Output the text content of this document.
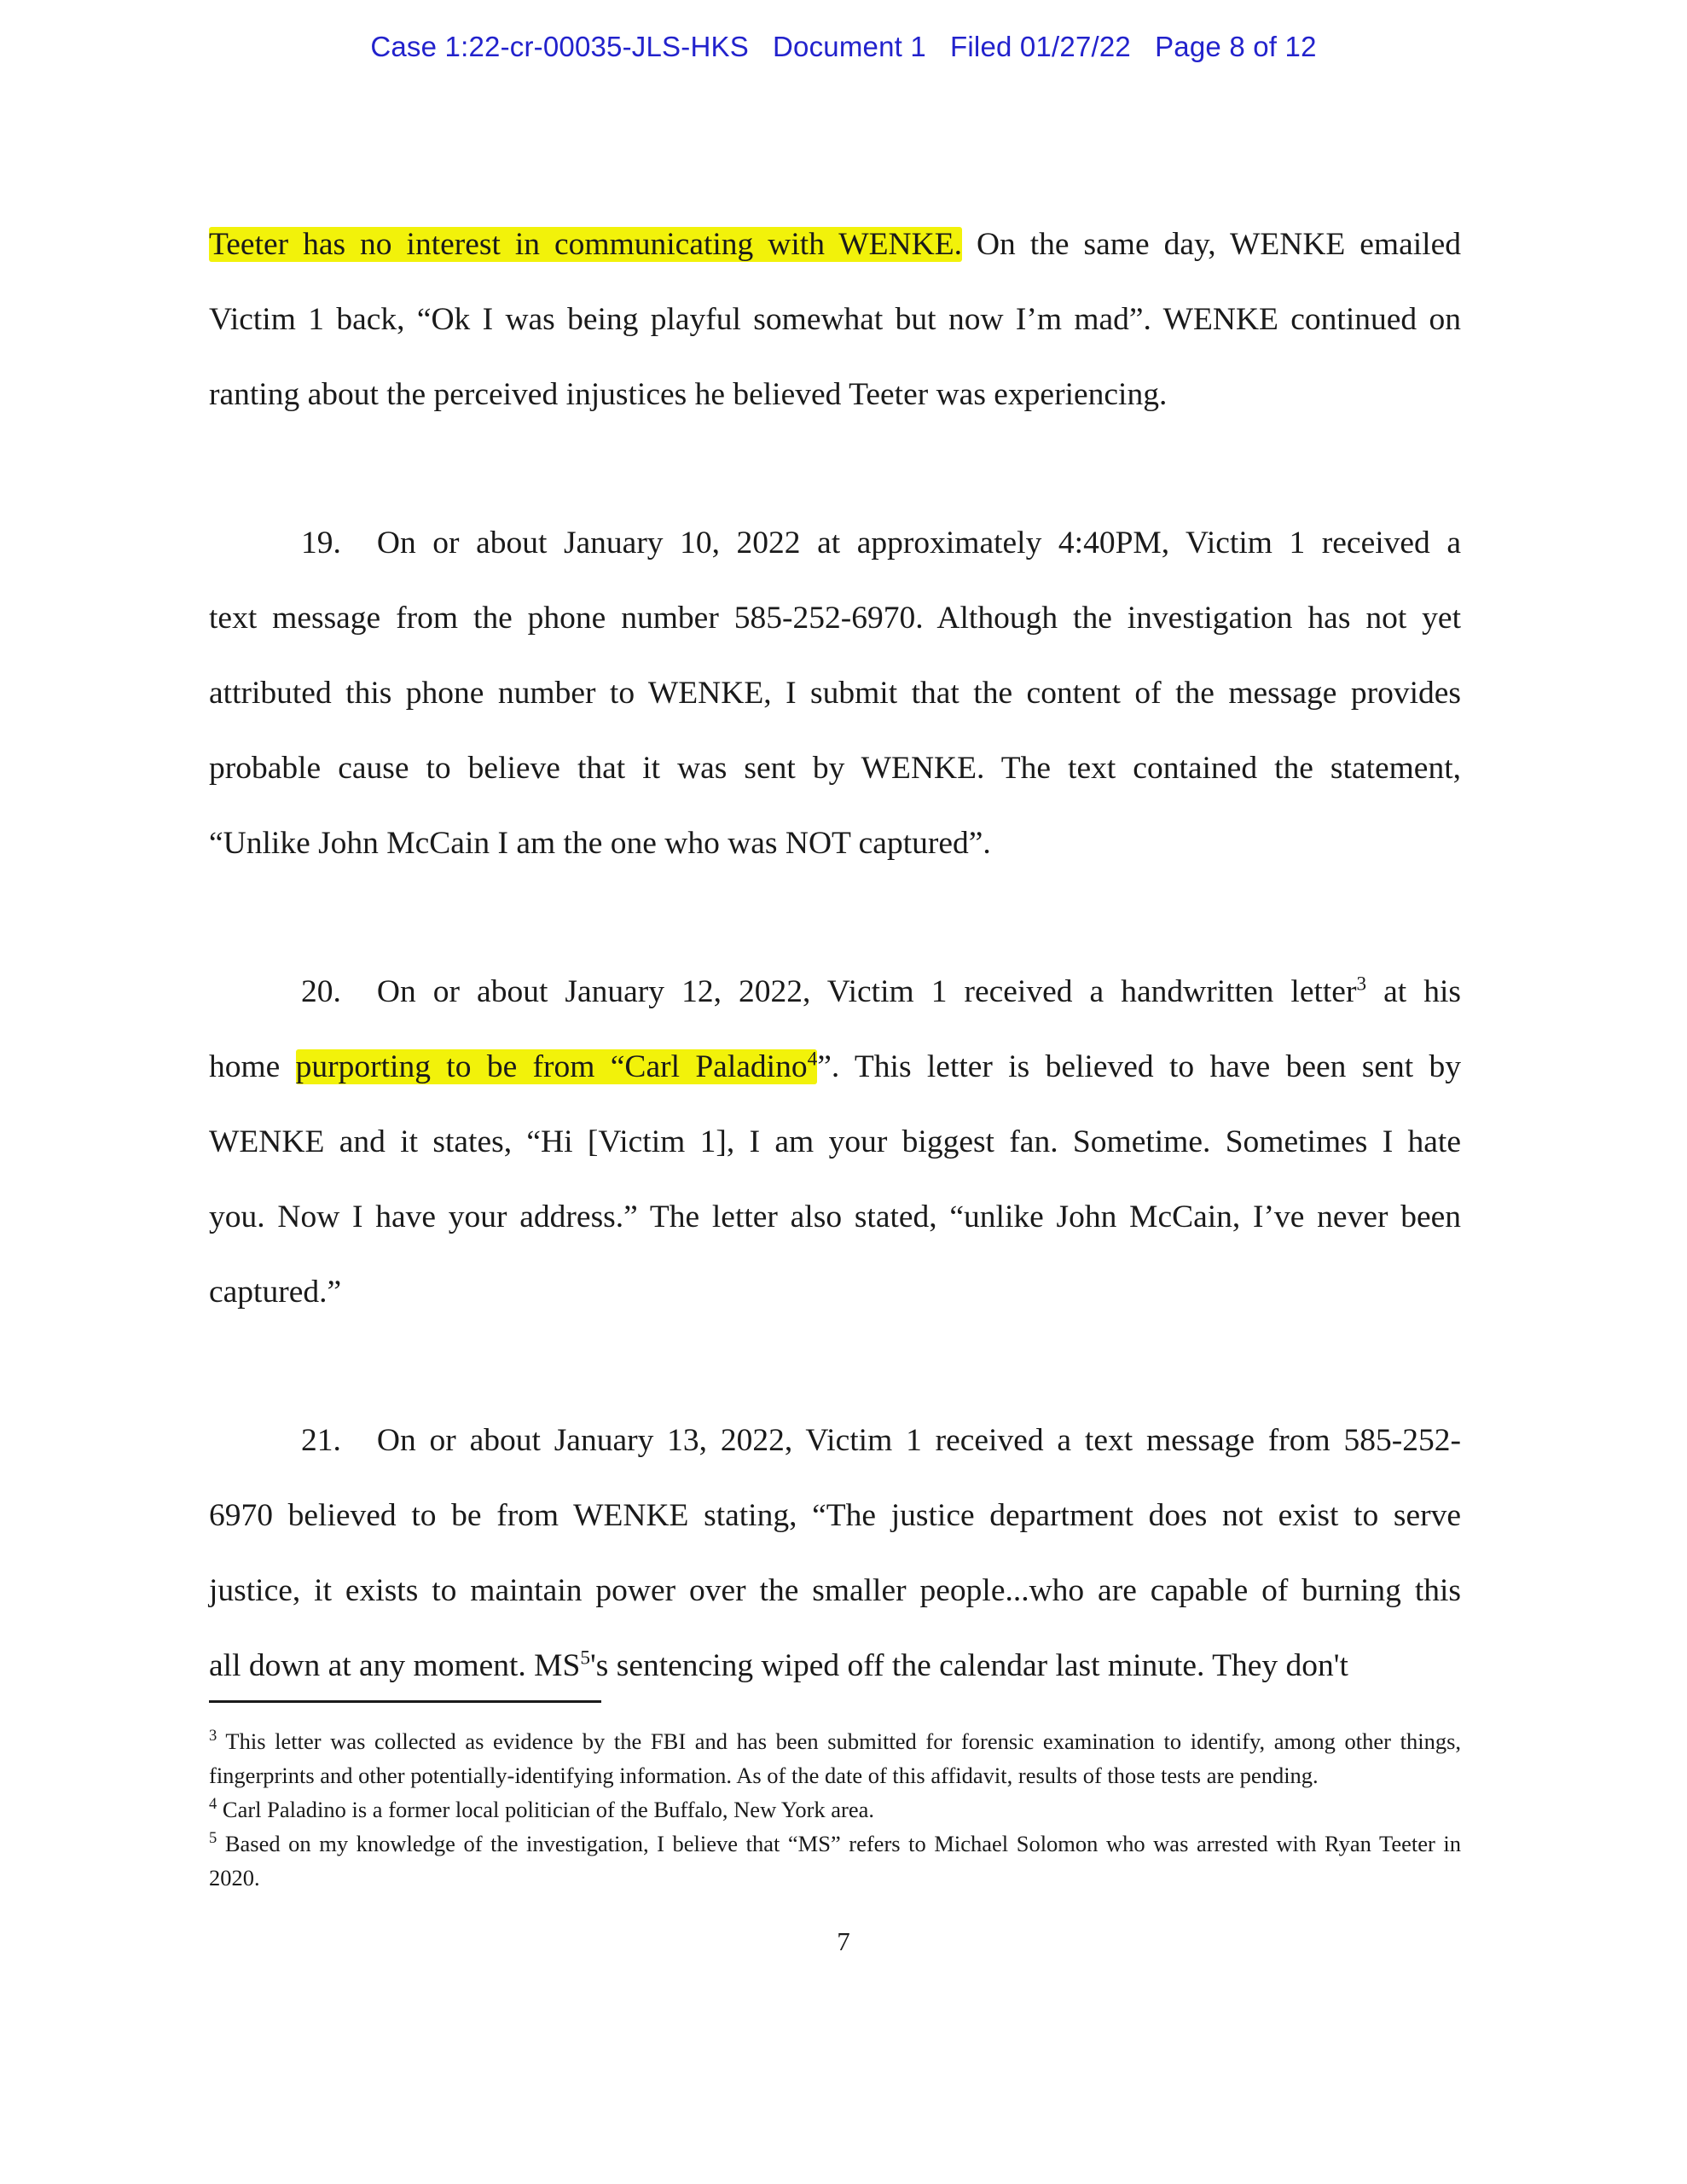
Case 1:22-cr-00035-JLS-HKS   Document 1   Filed 01/27/22   Page 8 of 12
Teeter has no interest in communicating with WENKE. On the same day, WENKE emailed
Victim 1 back, “Ok I was being playful somewhat but now I’m mad”. WENKE continued on
ranting about the perceived injustices he believed Teeter was experiencing.
19. On or about January 10, 2022 at approximately 4:40PM, Victim 1 received a
text message from the phone number 585-252-6970. Although the investigation has not yet
attributed this phone number to WENKE, I submit that the content of the message provides
probable cause to believe that it was sent by WENKE. The text contained the statement,
“Unlike John McCain I am the one who was NOT captured”.
20. On or about January 12, 2022, Victim 1 received a handwritten letter$^3$ at his
home purporting to be from “Carl Paladino$^4$”. This letter is believed to have been sent by
WENKE and it states, “Hi [Victim 1], I am your biggest fan. Sometime. Sometimes I hate
you. Now I have your address.” The letter also stated, “unlike John McCain, I’ve never been
captured.”
21. On or about January 13, 2022, Victim 1 received a text message from 585-252-
6970 believed to be from WENKE stating, “The justice department does not exist to serve
justice, it exists to maintain power over the smaller people...who are capable of burning this
all down at any moment. $MS^5's$ sentencing wiped off the calendar last minute. They don't

$^3$ This letter was collected as evidence by the FBI and has been submitted for forensic examination to identify, among other things, fingerprints and other potentially-identifying information. As of the date of this affidavit, results of those tests are pending.

$^4$ Carl Paladino is a former local politician of the Buffalo, New York area.

$^5$ Based on my knowledge of the investigation, I believe that “MS” refers to Michael Solomon who was arrested with Ryan Teeter in 2020.

7
